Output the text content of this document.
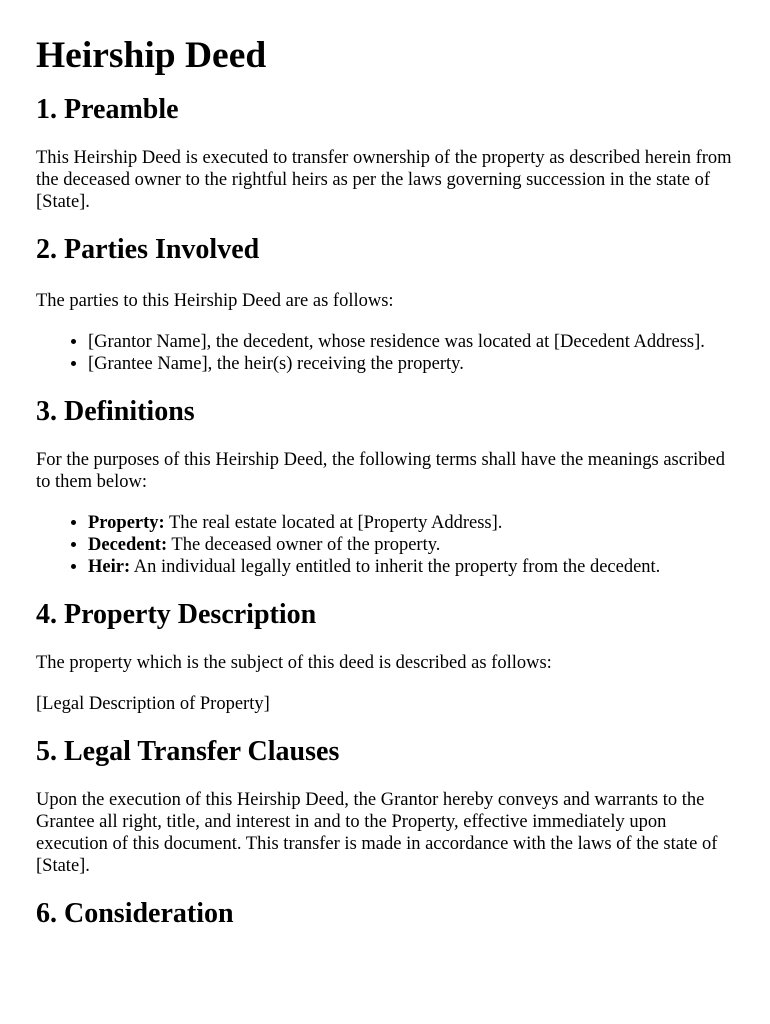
Heirship Deed
1. Preamble

This Heirship Deed is executed to transfer ownership of the property as described herein from the deceased owner to the rightful heirs as per the laws governing succession in the state of [State].

2. Parties Involved

The parties to this Heirship Deed are as follows:

• [Grantor Name], the decedent, whose residence was located at [Decedent Address].
• [Grantee Name], the heir(s) receiving the property.
3. Definitions

For the purposes of this Heirship Deed, the following terms shall have the meanings ascribed to them below:

• Property: The real estate located at [Property Address].
• Decedent: The deceased owner of the property.
• Heir: An individual legally entitled to inherit the property from the decedent.
4. Property Description

The property which is the subject of this deed is described as follows:

[Legal Description of Property]

5. Legal Transfer Clauses

Upon the execution of this Heirship Deed, the Grantor hereby conveys and warrants to the Grantee all right, title, and interest in and to the Property, effective immediately upon execution of this document. This transfer is made in accordance with the laws of the state of [State].

6. Consideration
